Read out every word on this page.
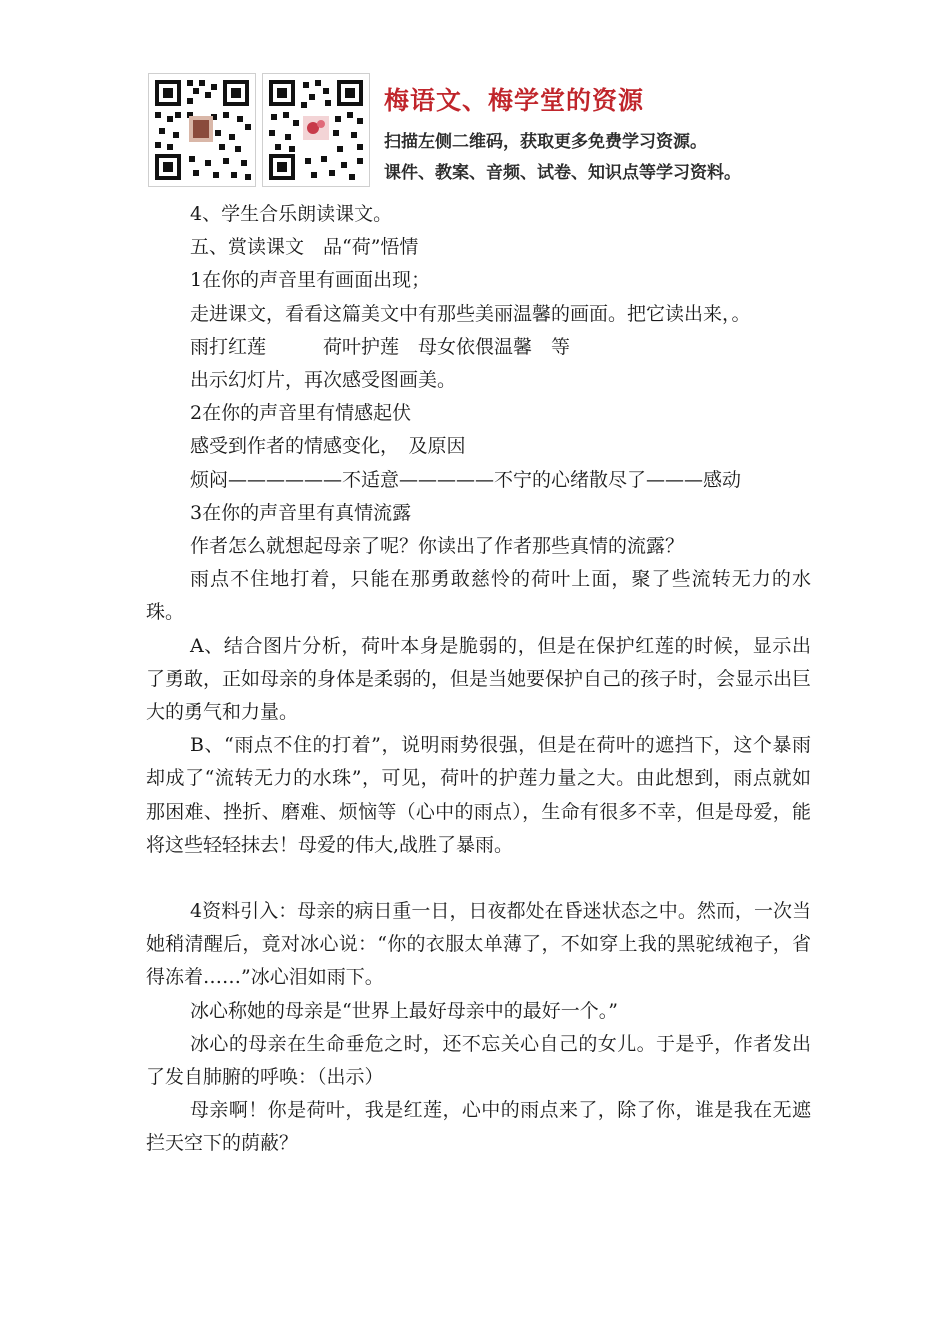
梅语文、梅学堂的资源
扫描左侧二维码，获取更多免费学习资源。
课件、教案、音频、试卷、知识点等学习资料。

4、学生合乐朗读课文。

五、赏读课文　品“荷”悟情

1在你的声音里有画面出现；

走进课文，看看这篇美文中有那些美丽温馨的画面。把它读出来，。

雨打红莲　　　荷叶护莲　母女依偎温馨　等

出示幻灯片，再次感受图画美。

2在你的声音里有情感起伏

感受到作者的情感变化，　及原因

烦闷——————不适意—————不宁的心绪散尽了———感动

3在你的声音里有真情流露

作者怎么就想起母亲了呢？你读出了作者那些真情的流露？

雨点不住地打着，只能在那勇敢慈怜的荷叶上面，聚了些流转无力的水珠。

A、结合图片分析，荷叶本身是脆弱的，但是在保护红莲的时候，显示出了勇敢，正如母亲的身体是柔弱的，但是当她要保护自己的孩子时，会显示出巨大的勇气和力量。

B、“雨点不住的打着”，说明雨势很强，但是在荷叶的遮挡下，这个暴雨却成了“流转无力的水珠”，可见，荷叶的护莲力量之大。由此想到，雨点就如那困难、挫折、磨难、烦恼等（心中的雨点），生命有很多不幸，但是母爱，能将这些轻轻抹去！母爱的伟大,战胜了暴雨。

4资料引入：母亲的病日重一日，日夜都处在昏迷状态之中。然而，一次当她稍清醒后，竟对冰心说：“你的衣服太单薄了，不如穿上我的黑驼绒袍子，省得冻着……”冰心泪如雨下。

冰心称她的母亲是“世界上最好母亲中的最好一个。”

冰心的母亲在生命垂危之时，还不忘关心自己的女儿。于是乎，作者发出了发自肺腑的呼唤：（出示）

母亲啊！你是荷叶，我是红莲，心中的雨点来了，除了你，谁是我在无遮拦天空下的荫蔽？
